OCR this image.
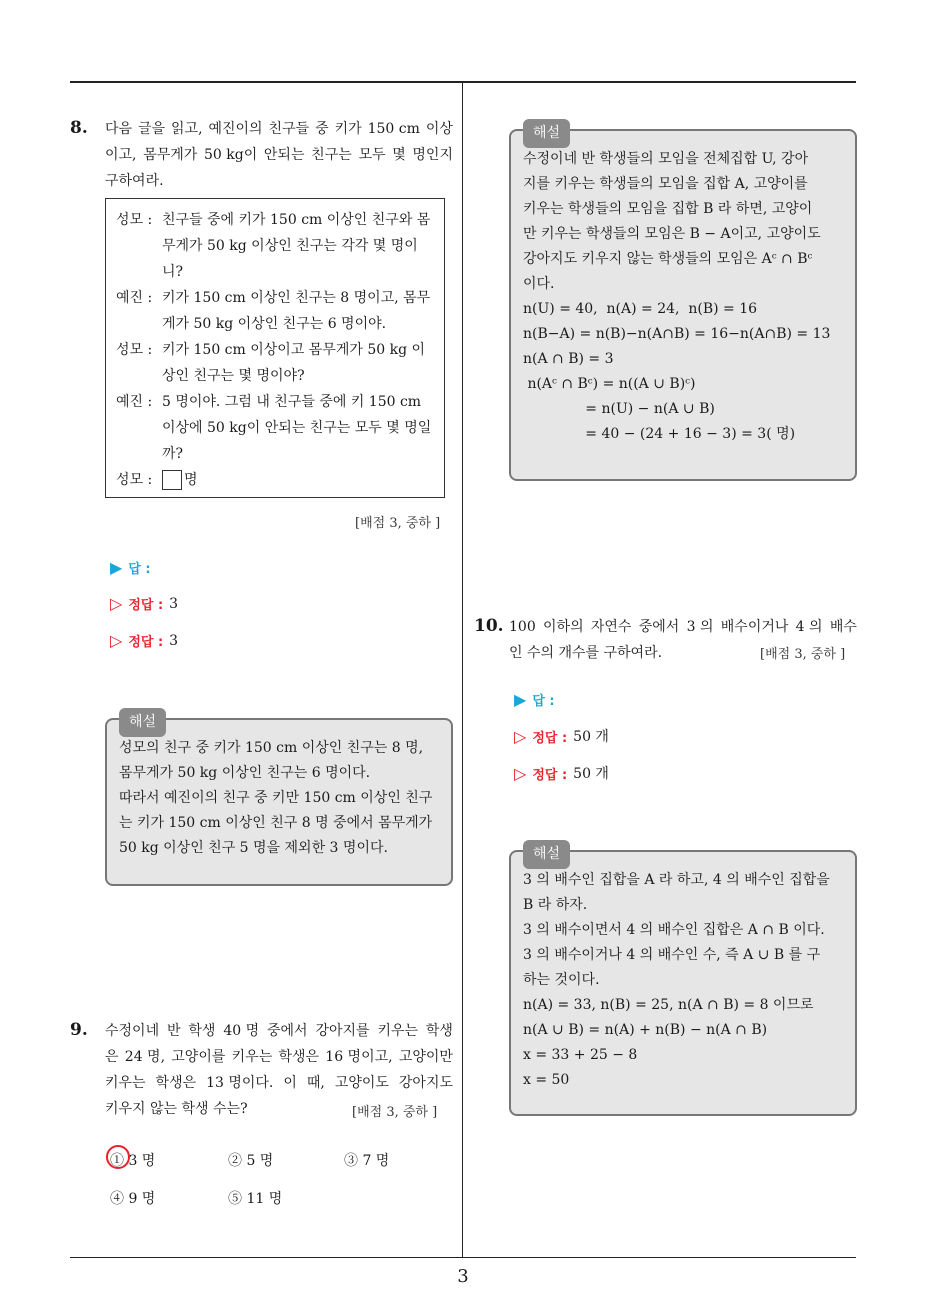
3
8. 다음 글을 읽고, 예진이의 친구들 중 키가 150 cm 이상
이고, 몸무게가 50 kg이 안되는 친구는 모두 몇 명인지
구하여라.
성모 : 친구들 중에 키가 150 cm 이상인 친구와 몸무게가 50 kg 이상인 친구는 각각 몇 명이니?
예진 : 키가 150 cm 이상인 친구는 8 명이고, 몸무게가 50 kg 이상인 친구는 6 명이야.
성모 : 키가 150 cm 이상이고 몸무게가 50 kg 이상인 친구는 몇 명이야?
예진 : 5 명이야. 그럼 내 친구들 중에 키 150 cm 이상에 50 kg이 안되는 친구는 모두 몇 명일까?
성모 :	명
[배점 3, 중하 ]
▶ 답 :
▷ 정답 : 3
▷ 정답 : 3
해설
성모의 친구 중 키가 150 cm 이상인 친구는 8 명,
몸무게가 50 kg 이상인 친구는 6 명이다.
따라서 예진이의 친구 중 키만 150 cm 이상인 친구
는 키가 150 cm 이상인 친구 8 명 중에서 몸무게가
50 kg 이상인 친구 5 명을 제외한 3 명이다.
9. 수정이네 반 학생 40 명 중에서 강아지를 키우는 학생
은 24 명, 고양이를 키우는 학생은 16 명이고, 고양이만
키우는 학생은 13 명이다. 이 때, 고양이도 강아지도
키우지 않는 학생 수는?	[배점 3, 중하 ]
① 3 명	② 5 명	③ 7 명
④ 9 명	⑤ 11 명
해설
수정이네 반 학생들의 모임을 전체집합 U, 강아
지를 키우는 학생들의 모임을 집합 A, 고양이를
키우는 학생들의 모임을 집합 B 라 하면, 고양이
만 키우는 학생들의 모임은 B − A이고, 고양이도
강아지도 키우지 않는 학생들의 모임은 Aᶜ ∩ Bᶜ
이다.
n(U) = 40,  n(A) = 24,  n(B) = 16
n(B−A) = n(B)−n(A∩B) = 16−n(A∩B) = 13
n(A ∩ B) = 3
n(Aᶜ ∩ Bᶜ) = n((A ∪ B)ᶜ)
= n(U) − n(A ∪ B)
= 40 − (24 + 16 − 3) = 3( 명)
10. 100 이하의 자연수 중에서 3 의 배수이거나 4 의 배수
인 수의 개수를 구하여라.	[배점 3, 중하 ]
▶ 답 :
▷ 정답 : 50 개
▷ 정답 : 50 개
해설
3 의 배수인 집합을 A 라 하고, 4 의 배수인 집합을
B 라 하자.
3 의 배수이면서 4 의 배수인 집합은 A ∩ B 이다.
3 의 배수이거나 4 의 배수인 수, 즉 A ∪ B 를 구
하는 것이다.
n(A) = 33, n(B) = 25, n(A ∩ B) = 8 이므로
n(A ∪ B) = n(A) + n(B) − n(A ∩ B)
x = 33 + 25 − 8
x = 50
